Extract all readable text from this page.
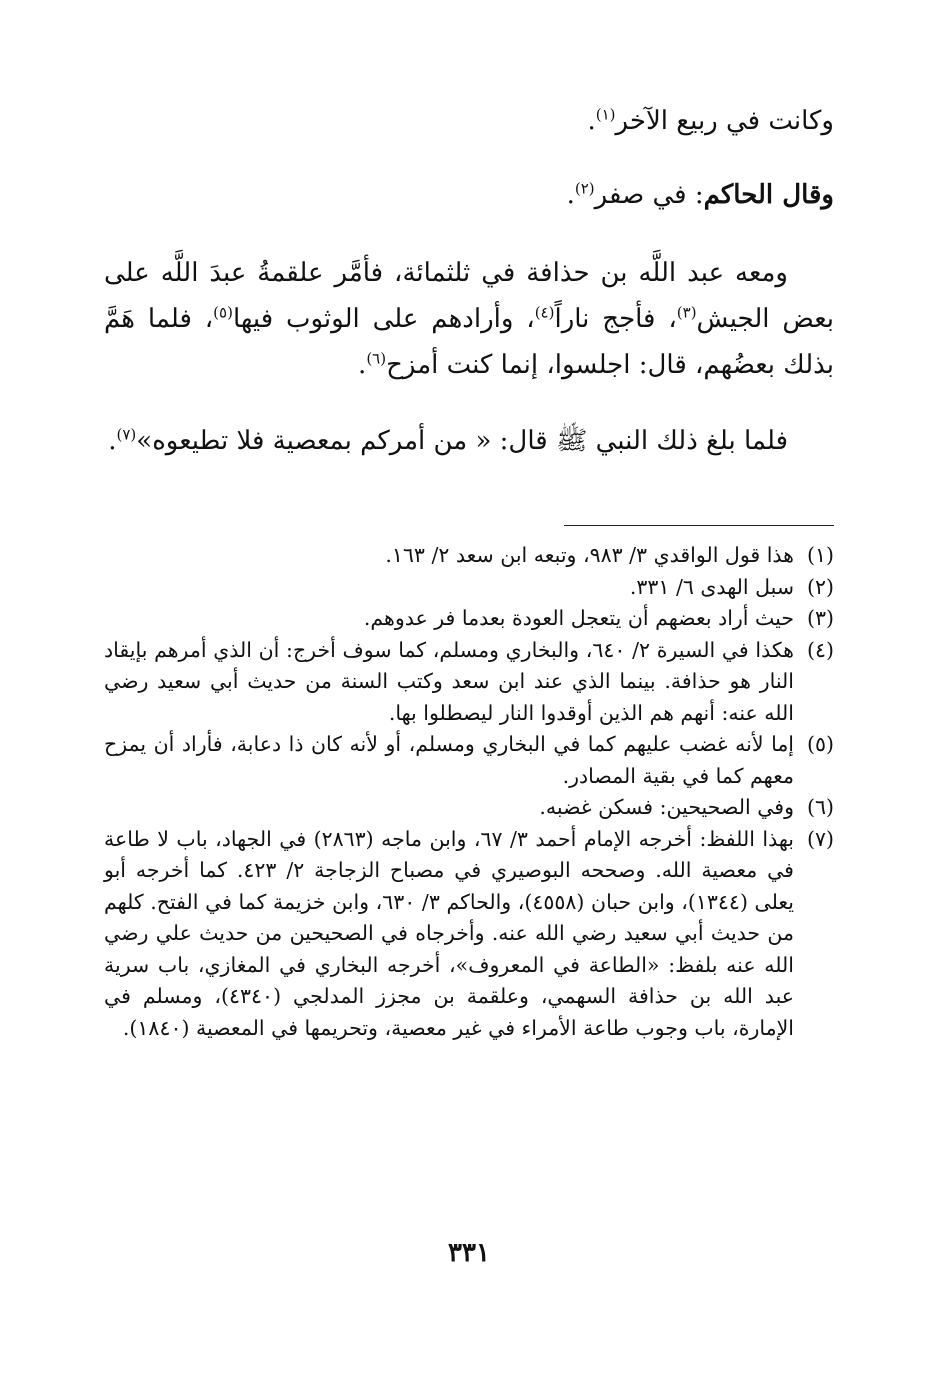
وكانت في ربيع الآخر$^{(١)}$.
وقال الحاكم: في صفر$^{(٢)}$.
ومعه عبد اللَّه بن حذافة في ثلثمائة، فأمَّر علقمةُ عبدَ اللَّه على بعض الجيش$^{(٣)}$، فأجج ناراً$^{(٤)}$، وأرادهم على الوثوب فيها$^{(٥)}$، فلما هَمَّ بذلك بعضُهم، قال: اجلسوا، إنما كنت أمزح$^{(٦)}$.
فلما بلغ ذلك النبي ﷺ قال: « من أمركم بمعصية فلا تطيعوه»$^{(٧)}$.
(١)
هذا قول الواقدي ٣/ ٩٨٣، وتبعه ابن سعد ٢/ ١٦٣.
(٢)
سبل الهدى ٦/ ٣٣١.
(٣)
حيث أراد بعضهم أن يتعجل العودة بعدما فر عدوهم.
(٤)
هكذا في السيرة ٢/ ٦٤٠، والبخاري ومسلم، كما سوف أخرج: أن الذي أمرهم بإيقاد النار هو حذافة. بينما الذي عند ابن سعد وكتب السنة من حديث أبي سعيد رضي الله عنه: أنهم هم الذين أوقدوا النار ليصطلوا بها.
(٥)
إما لأنه غضب عليهم كما في البخاري ومسلم، أو لأنه كان ذا دعابة، فأراد أن يمزح معهم كما في بقية المصادر.
(٦)
وفي الصحيحين: فسكن غضبه.
(٧)
بهذا اللفظ: أخرجه الإمام أحمد ٣/ ٦٧، وابن ماجه (٢٨٦٣) في الجهاد، باب لا طاعة في معصية الله. وصححه البوصيري في مصباح الزجاجة ٢/ ٤٢٣. كما أخرجه أبو يعلى (١٣٤٤)، وابن حبان (٤٥٥٨)، والحاكم ٣/ ٦٣٠، وابن خزيمة كما في الفتح. كلهم من حديث أبي سعيد رضي الله عنه. وأخرجاه في الصحيحين من حديث علي رضي الله عنه بلفظ: «الطاعة في المعروف»، أخرجه البخاري في المغازي، باب سرية عبد الله بن حذافة السهمي، وعلقمة بن مجزز المدلجي (٤٣٤٠)، ومسلم في الإمارة، باب وجوب طاعة الأمراء في غير معصية، وتحريمها في المعصية (١٨٤٠).
٣٣١
